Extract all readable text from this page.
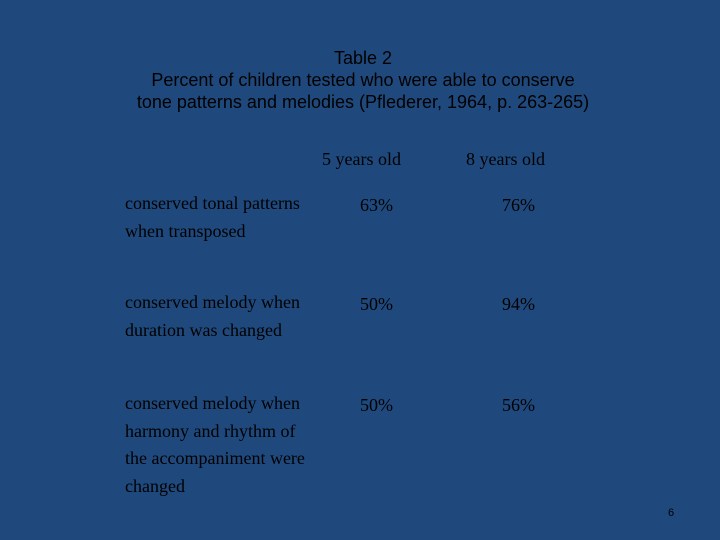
Table 2
Percent of children tested who were able to conserve
tone patterns and melodies (Pflederer, 1964, p. 263-265)
5 years old	8 years old
conserved tonal patterns when transposed
63%	76%
conserved melody when duration was changed
50%	94%
conserved melody when harmony and rhythm of the accompaniment were changed
50%	56%
6
